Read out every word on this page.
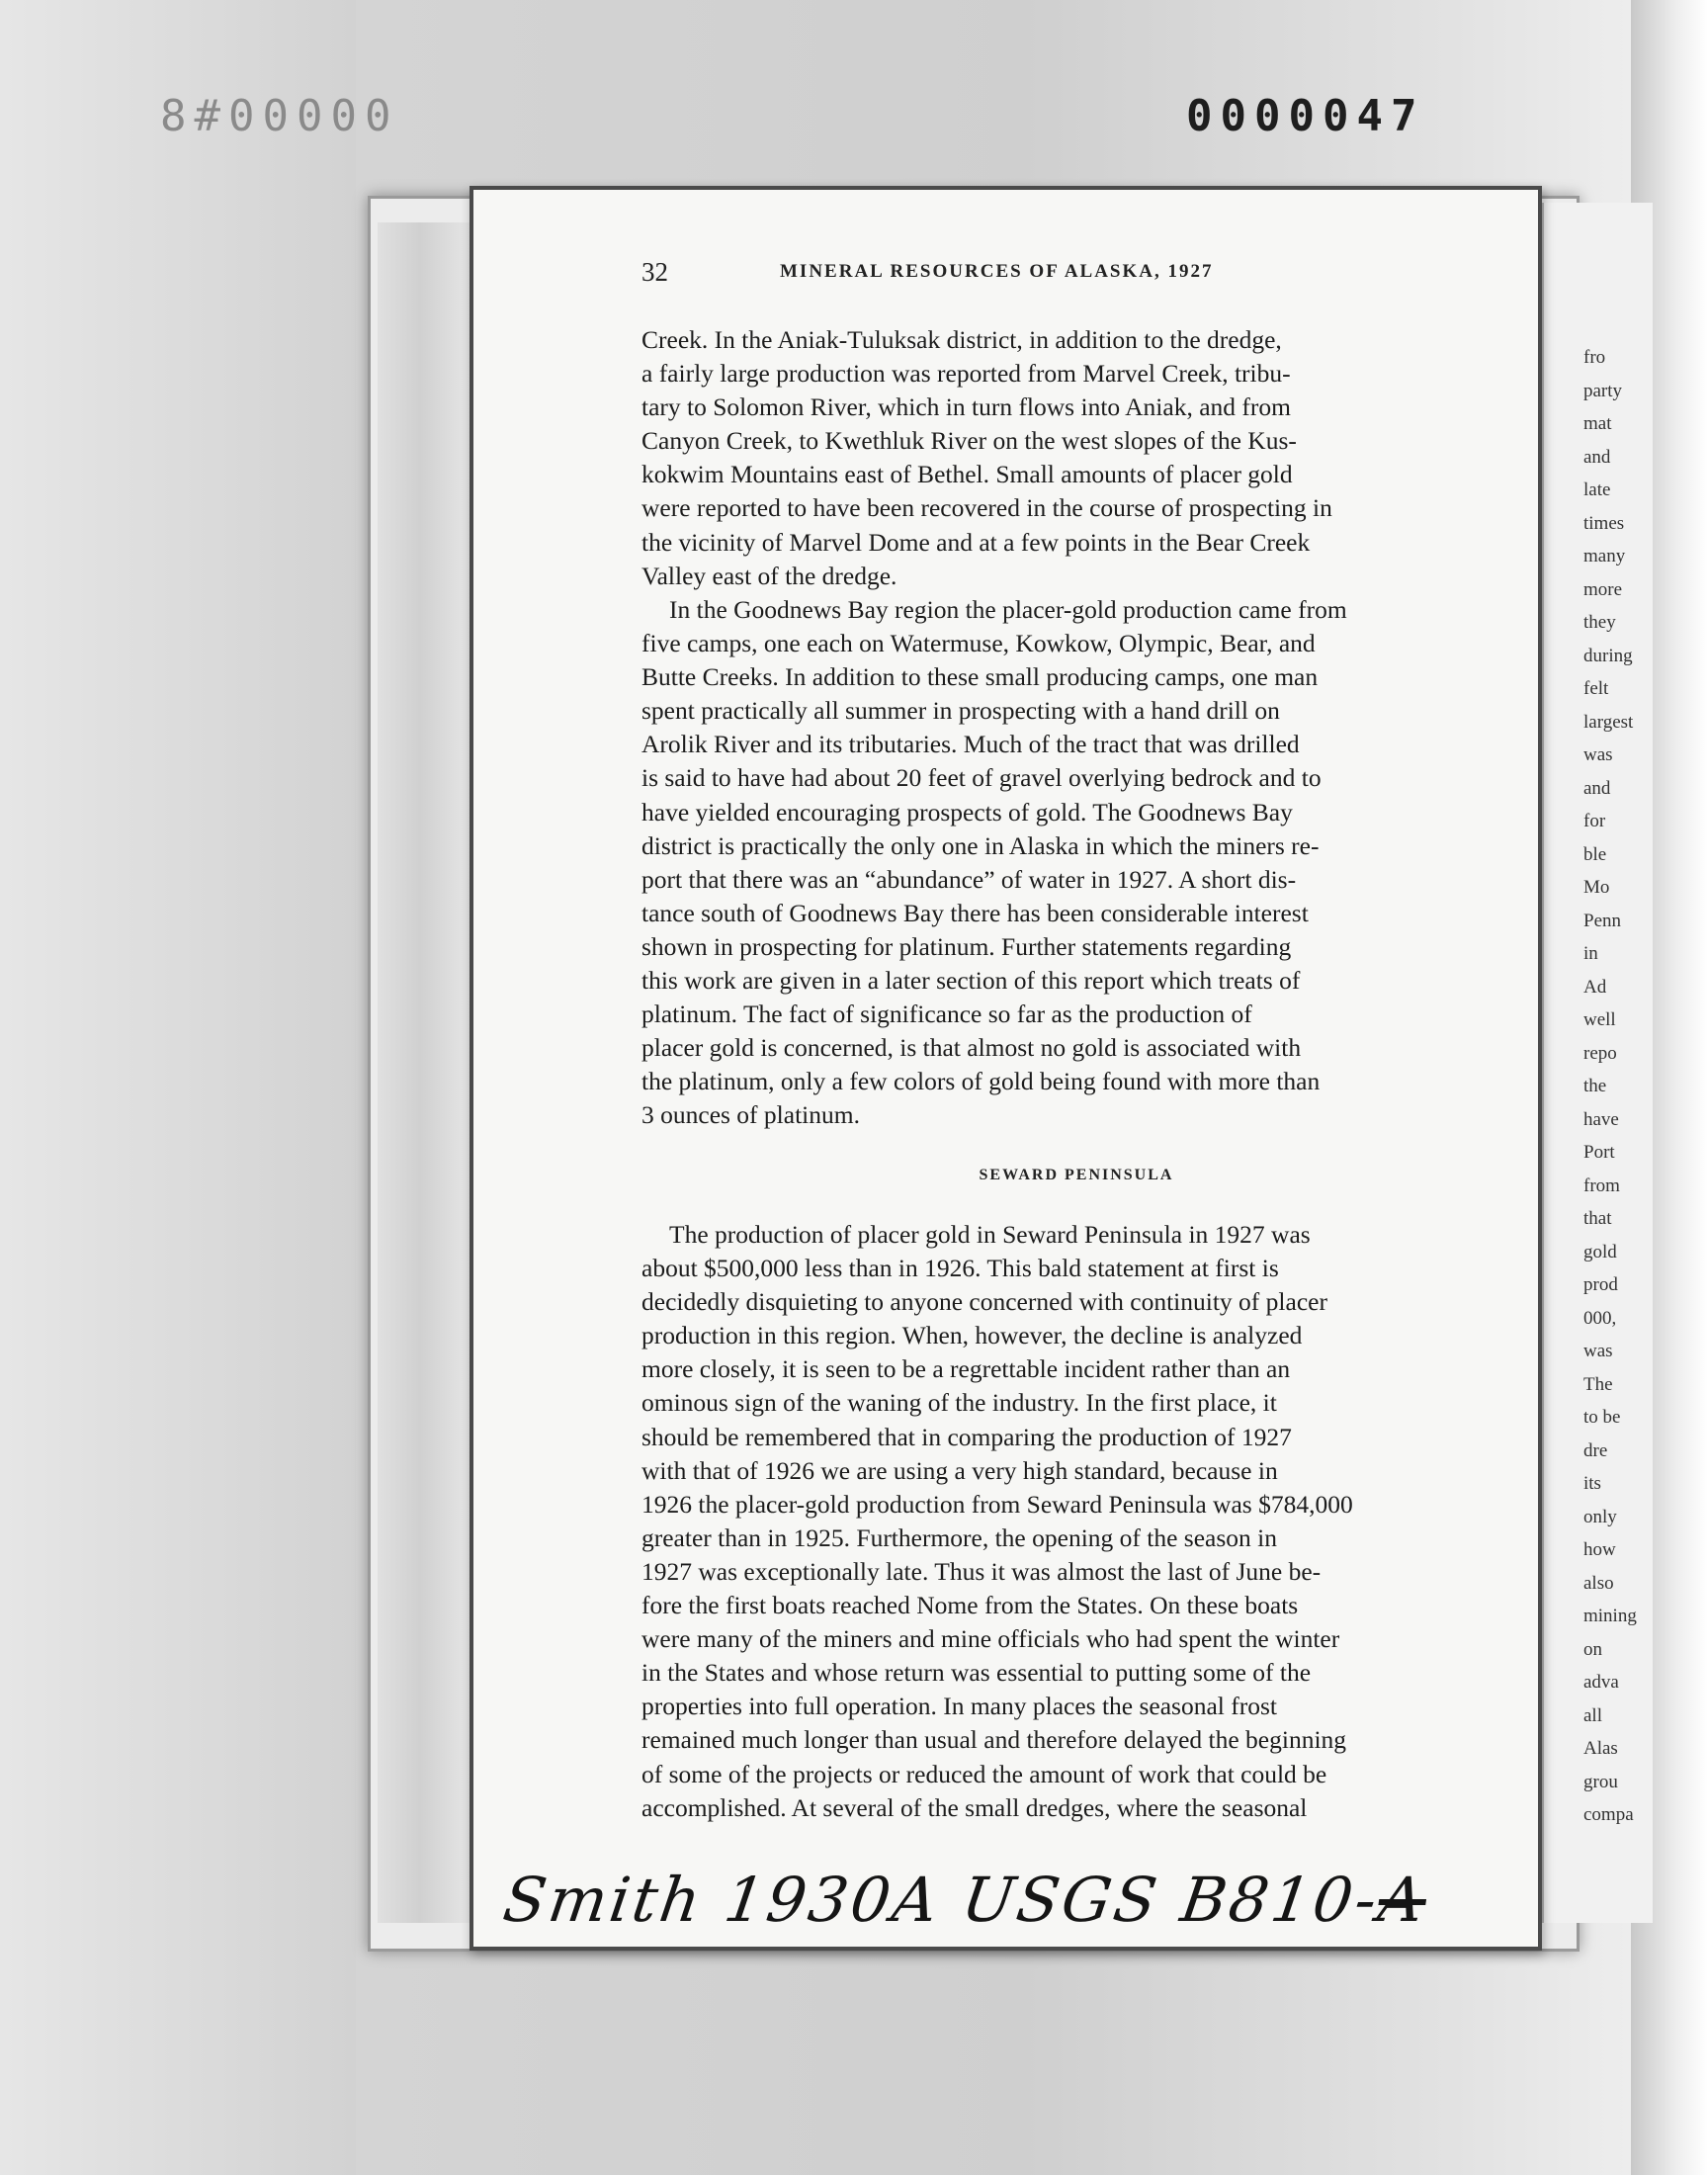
8#00000	0000047
fro
party
mat
and
late
times
many
more
they
during
felt
largest
was
and
for
ble
Mo
Penn
in
Ad
well
repo
the
have
Port
from
that
gold
prod
000,
was
The
to be
dre
its
only
how
also
mining
on
adva
all
Alas
grou
compa
32	MINERAL RESOURCES OF ALASKA, 1927
Creek. In the Aniak-Tuluksak district, in addition to the dredge,
a fairly large production was reported from Marvel Creek, tribu-
tary to Solomon River, which in turn flows into Aniak, and from
Canyon Creek, to Kwethluk River on the west slopes of the Kus-
kokwim Mountains east of Bethel. Small amounts of placer gold
were reported to have been recovered in the course of prospecting in
the vicinity of Marvel Dome and at a few points in the Bear Creek
Valley east of the dredge.
In the Goodnews Bay region the placer-gold production came from
five camps, one each on Watermuse, Kowkow, Olympic, Bear, and
Butte Creeks. In addition to these small producing camps, one man
spent practically all summer in prospecting with a hand drill on
Arolik River and its tributaries. Much of the tract that was drilled
is said to have had about 20 feet of gravel overlying bedrock and to
have yielded encouraging prospects of gold. The Goodnews Bay
district is practically the only one in Alaska in which the miners re-
port that there was an “abundance” of water in 1927. A short dis-
tance south of Goodnews Bay there has been considerable interest
shown in prospecting for platinum. Further statements regarding
this work are given in a later section of this report which treats of
platinum. The fact of significance so far as the production of
placer gold is concerned, is that almost no gold is associated with
the platinum, only a few colors of gold being found with more than
3 ounces of platinum.
SEWARD PENINSULA
The production of placer gold in Seward Peninsula in 1927 was
about $500,000 less than in 1926. This bald statement at first is
decidedly disquieting to anyone concerned with continuity of placer
production in this region. When, however, the decline is analyzed
more closely, it is seen to be a regrettable incident rather than an
ominous sign of the waning of the industry. In the first place, it
should be remembered that in comparing the production of 1927
with that of 1926 we are using a very high standard, because in
1926 the placer-gold production from Seward Peninsula was $784,000
greater than in 1925. Furthermore, the opening of the season in
1927 was exceptionally late. Thus it was almost the last of June be-
fore the first boats reached Nome from the States. On these boats
were many of the miners and mine officials who had spent the winter
in the States and whose return was essential to putting some of the
properties into full operation. In many places the seasonal frost
remained much longer than usual and therefore delayed the beginning
of some of the projects or reduced the amount of work that could be
accomplished. At several of the small dredges, where the seasonal
Smith 1930A USGS B810-A
